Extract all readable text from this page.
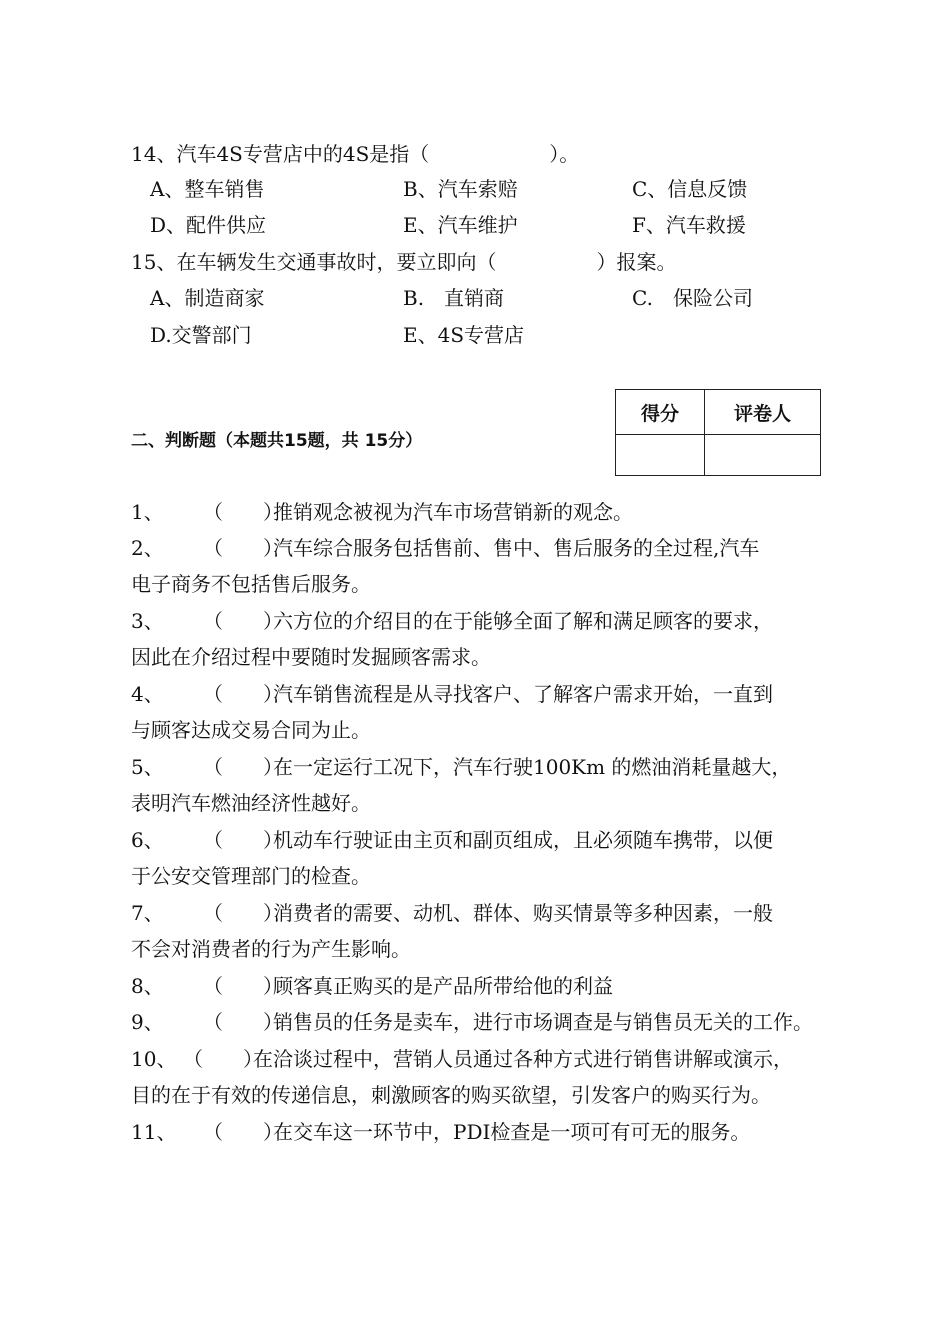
14、汽车4S专营店中的4S是指（　　　　　　）。
A、整车销售	B、汽车索赔	C、信息反馈
D、配件供应	E、汽车维护	F、汽车救援
15、在车辆发生交通事故时，要立即向（　　　　　）报案。
A、制造商家	B.　直销商	C.　保险公司
D.交警部门	E、4S专营店
二、判断题（本题共15题，共 15分）
得分	评卷人

1、 （　　）推销观念被视为汽车市场营销新的观念。
2、 （　　）汽车综合服务包括售前、售中、售后服务的全过程,汽车
电子商务不包括售后服务。
3、 （　　）六方位的介绍目的在于能够全面了解和满足顾客的要求，
因此在介绍过程中要随时发掘顾客需求。
4、 （　　）汽车销售流程是从寻找客户、了解客户需求开始，一直到
与顾客达成交易合同为止。
5、 （　　）在一定运行工况下，汽车行驶100Km 的燃油消耗量越大，
表明汽车燃油经济性越好。
6、 （　　）机动车行驶证由主页和副页组成，且必须随车携带，以便
于公安交管理部门的检查。
7、 （　　）消费者的需要、动机、群体、购买情景等多种因素，一般
不会对消费者的行为产生影响。
8、 （　　）顾客真正购买的是产品所带给他的利益
9、 （　　）销售员的任务是卖车，进行市场调查是与销售员无关的工作。
10、 （　　）在洽谈过程中，营销人员通过各种方式进行销售讲解或演示，
目的在于有效的传递信息，刺激顾客的购买欲望，引发客户的购买行为。
11、 （　　）在交车这一环节中，PDI检查是一项可有可无的服务。
